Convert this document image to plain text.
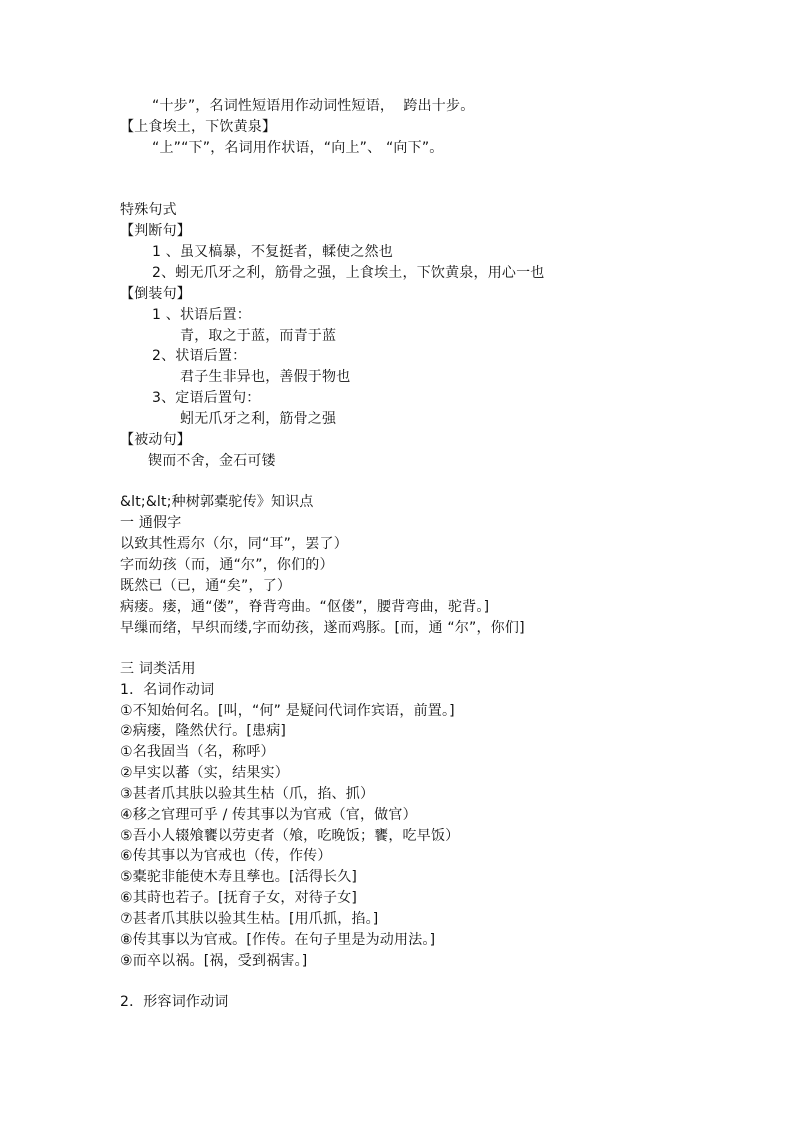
“十步”，名词性短语用作动词性短语，  跨出十步。
【上食埃土，下饮黄泉】
“上”“下”，名词用作状语，“向上”、 “向下”。
特殊句式
【判断句】
1 、虽又槁暴，不复挺者，輮使之然也
2、蚓无爪牙之利，筋骨之强，上食埃土，下饮黄泉，用心一也
【倒装句】
1 、状语后置：
青，取之于蓝，而青于蓝
2、状语后置：
君子生非异也，善假于物也
3、定语后置句：
蚓无爪牙之利，筋骨之强
【被动句】
锲而不舍，金石可镂
&lt;&lt;种树郭橐驼传》知识点
一 通假字
以致其性焉尔（尔，同“耳”，罢了）
字而幼孩（而，通“尔”，你们的）
既然已（已，通“矣”，了）
病瘘。瘘，通“偻”，脊背弯曲。“伛偻”，腰背弯曲，驼背。]
早缫而绪，早织而缕,字而幼孩，遂而鸡豚。[而，通 “尔”，你们]
三 词类活用
1．名词作动词
①不知始何名。[叫，“何” 是疑问代词作宾语，前置。]
②病瘘，隆然伏行。[患病]
①名我固当（名，称呼）
②早实以蕃（实，结果实）
③甚者爪其肤以验其生枯（爪，掐、抓）
④移之官理可乎 / 传其事以为官戒（官，做官）
⑤吾小人辍飧饔以劳吏者（飧，吃晚饭；饔，吃早饭）
⑥传其事以为官戒也（传，作传）
⑤橐驼非能使木寿且孳也。[活得长久]
⑥其莳也若子。[抚育子女，对待子女]
⑦甚者爪其肤以验其生枯。[用爪抓，掐。]
⑧传其事以为官戒。[作传。在句子里是为动用法。]
⑨而卒以祸。[祸，受到祸害。]
2．形容词作动词
